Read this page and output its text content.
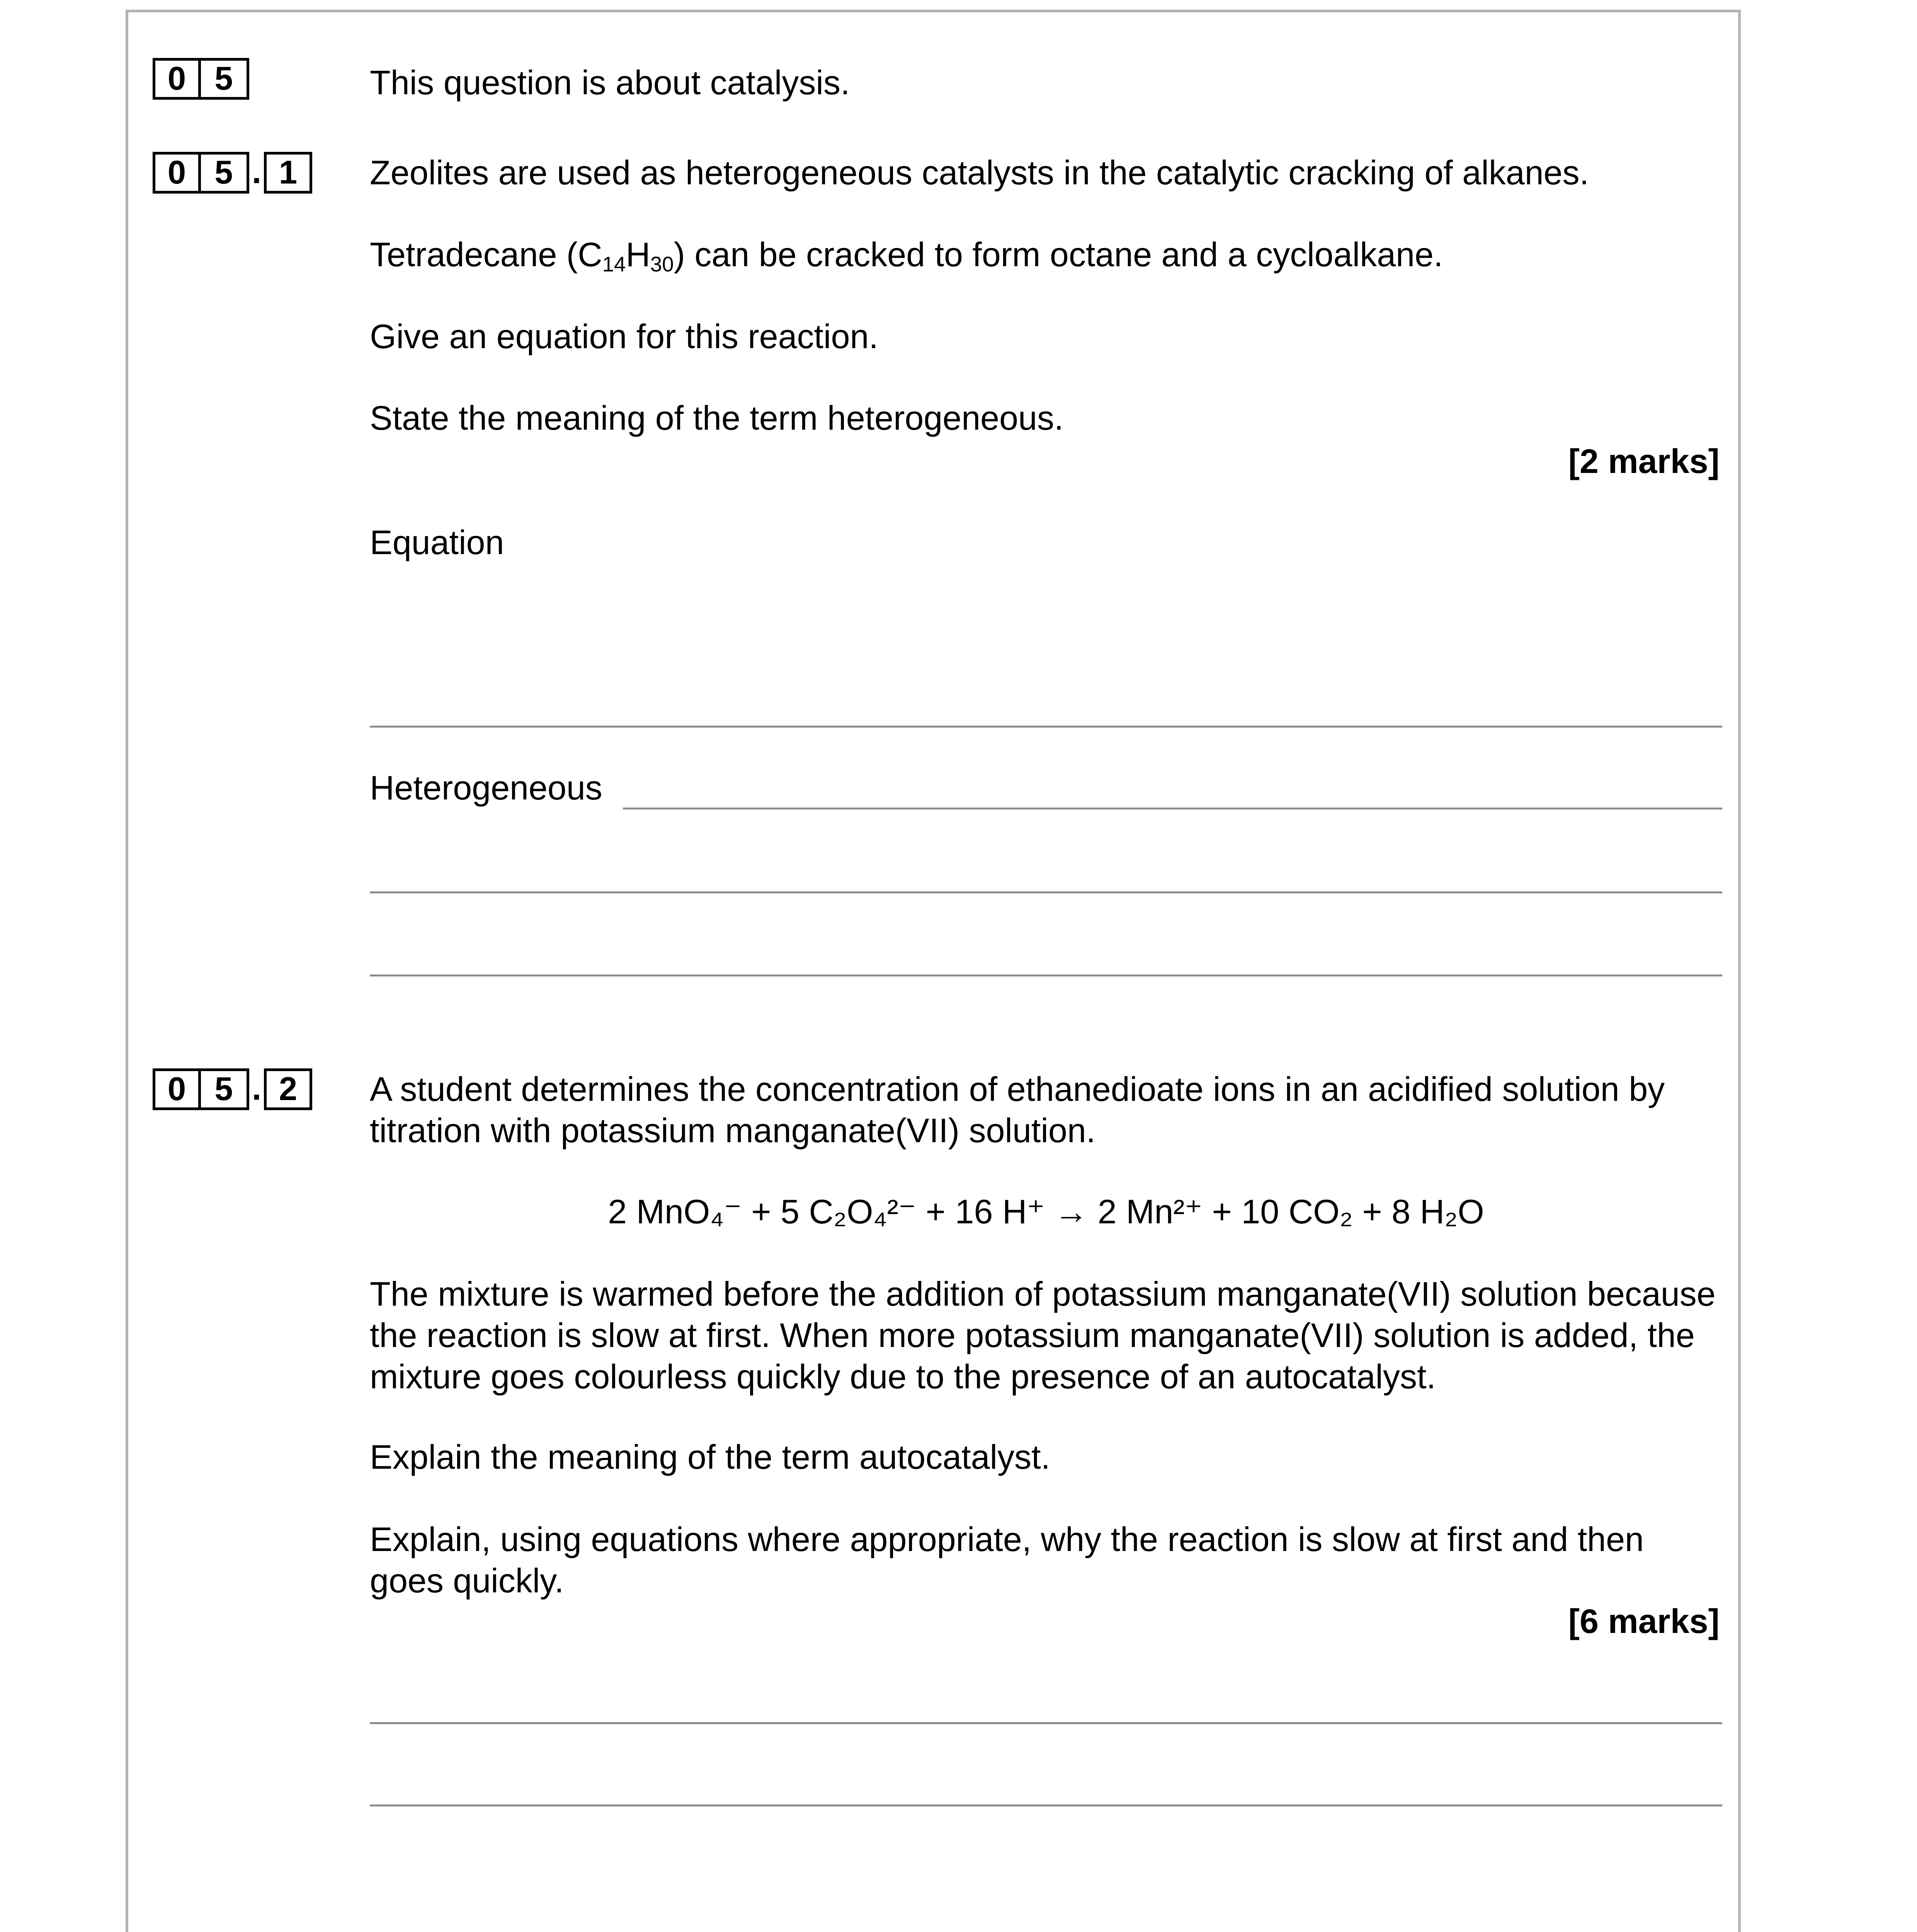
0 5	This question is about catalysis.
0 5 . 1	Zeolites are used as heterogeneous catalysts in the catalytic cracking of alkanes.
Tetradecane $(C_{14}H_{30})$ can be cracked to form octane and a cycloalkane.
Give an equation for this reaction.
State the meaning of the term heterogeneous.
[2 marks]
Equation
Heterogeneous
0 5 . 2	A student determines the concentration of ethanedioate ions in an acidified solution by titration with potassium manganate(VII) solution.
2 MnO₄⁻ + 5 C₂O₄²⁻ + 16 H⁺ → 2 Mn²⁺ + 10 CO₂ + 8 H₂O
The mixture is warmed before the addition of potassium manganate(VII) solution because the reaction is slow at first. When more potassium manganate(VII) solution is added, the mixture goes colourless quickly due to the presence of an autocatalyst.
Explain the meaning of the term autocatalyst.
Explain, using equations where appropriate, why the reaction is slow at first and then goes quickly.
[6 marks]
